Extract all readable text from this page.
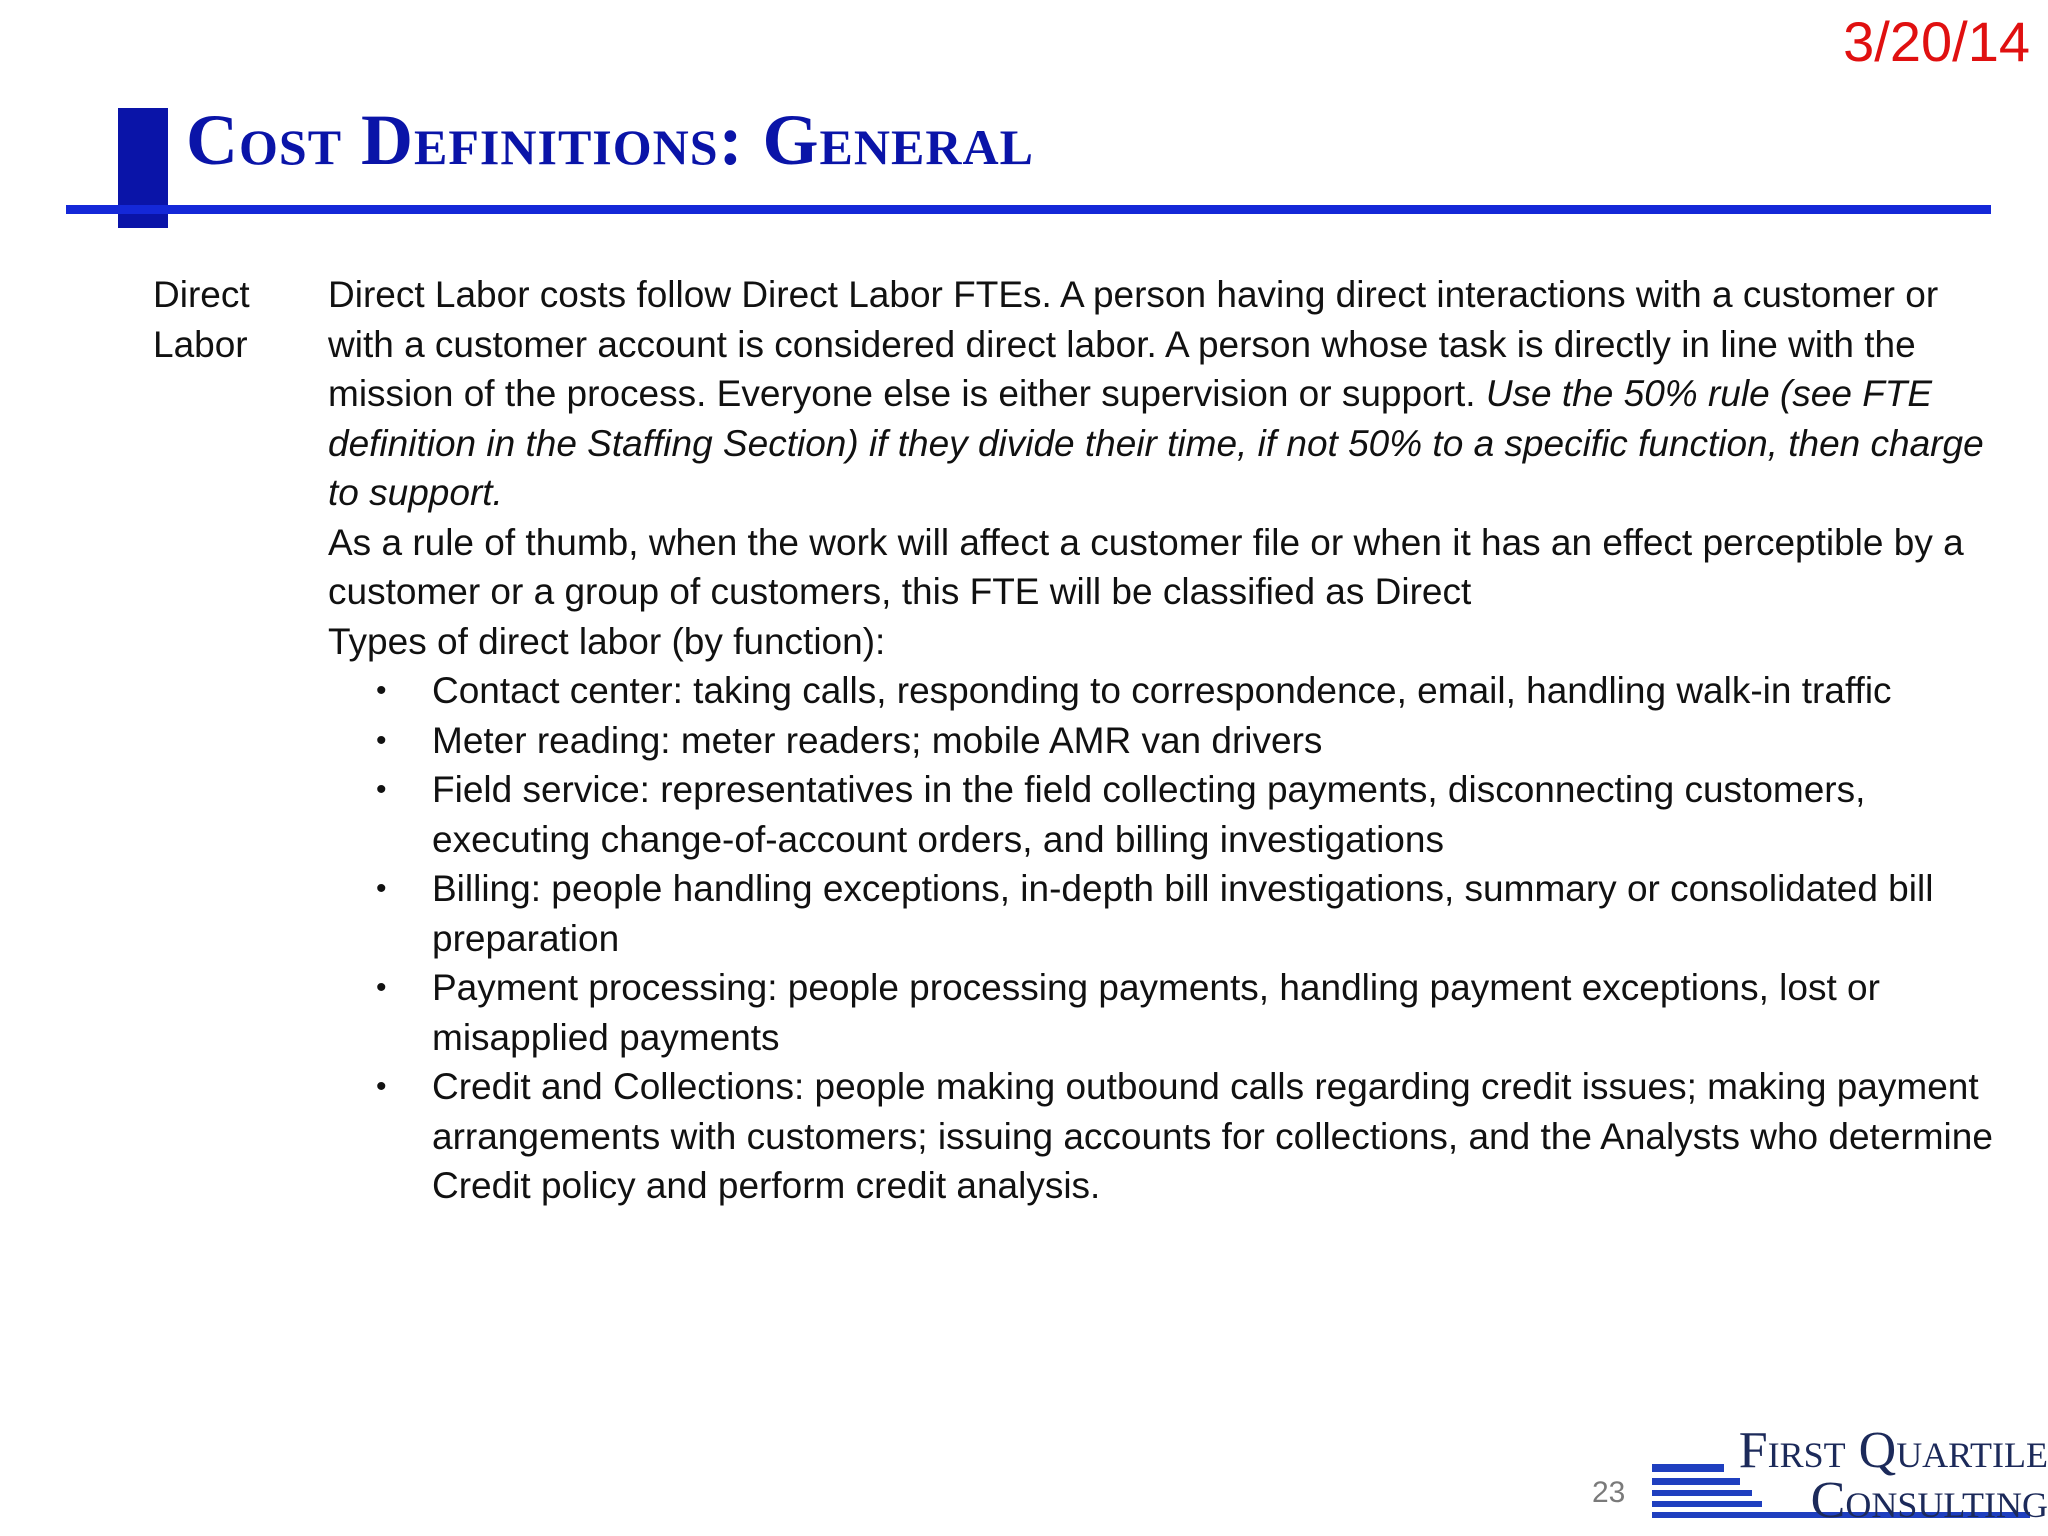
3/20/14
Cost Definitions: General
Direct
Labor

Direct Labor costs follow Direct Labor FTEs. A person having direct interactions with a customer or with a customer account is considered direct labor. A person whose task is directly in line with the mission of the process. Everyone else is either supervision or support. Use the 50% rule (see FTE definition in the Staffing Section) if they divide their time, if not 50% to a specific function, then charge to support.

As a rule of thumb, when the work will affect a customer file or when it has an effect perceptible by a customer or a group of customers, this FTE will be classified as Direct

Types of direct labor (by function):

• Contact center: taking calls, responding to correspondence, email, handling walk-in traffic
• Meter reading: meter readers; mobile AMR van drivers
• Field service: representatives in the field collecting payments, disconnecting customers, executing change-of-account orders, and billing investigations
• Billing: people handling exceptions, in-depth bill investigations, summary or consolidated bill preparation
• Payment processing: people processing payments, handling payment exceptions, lost or misapplied payments
• Credit and Collections: people making outbound calls regarding credit issues; making payment arrangements with customers; issuing accounts for collections, and the Analysts who determine Credit policy and perform credit analysis.
23
First Quartile
Consulting
